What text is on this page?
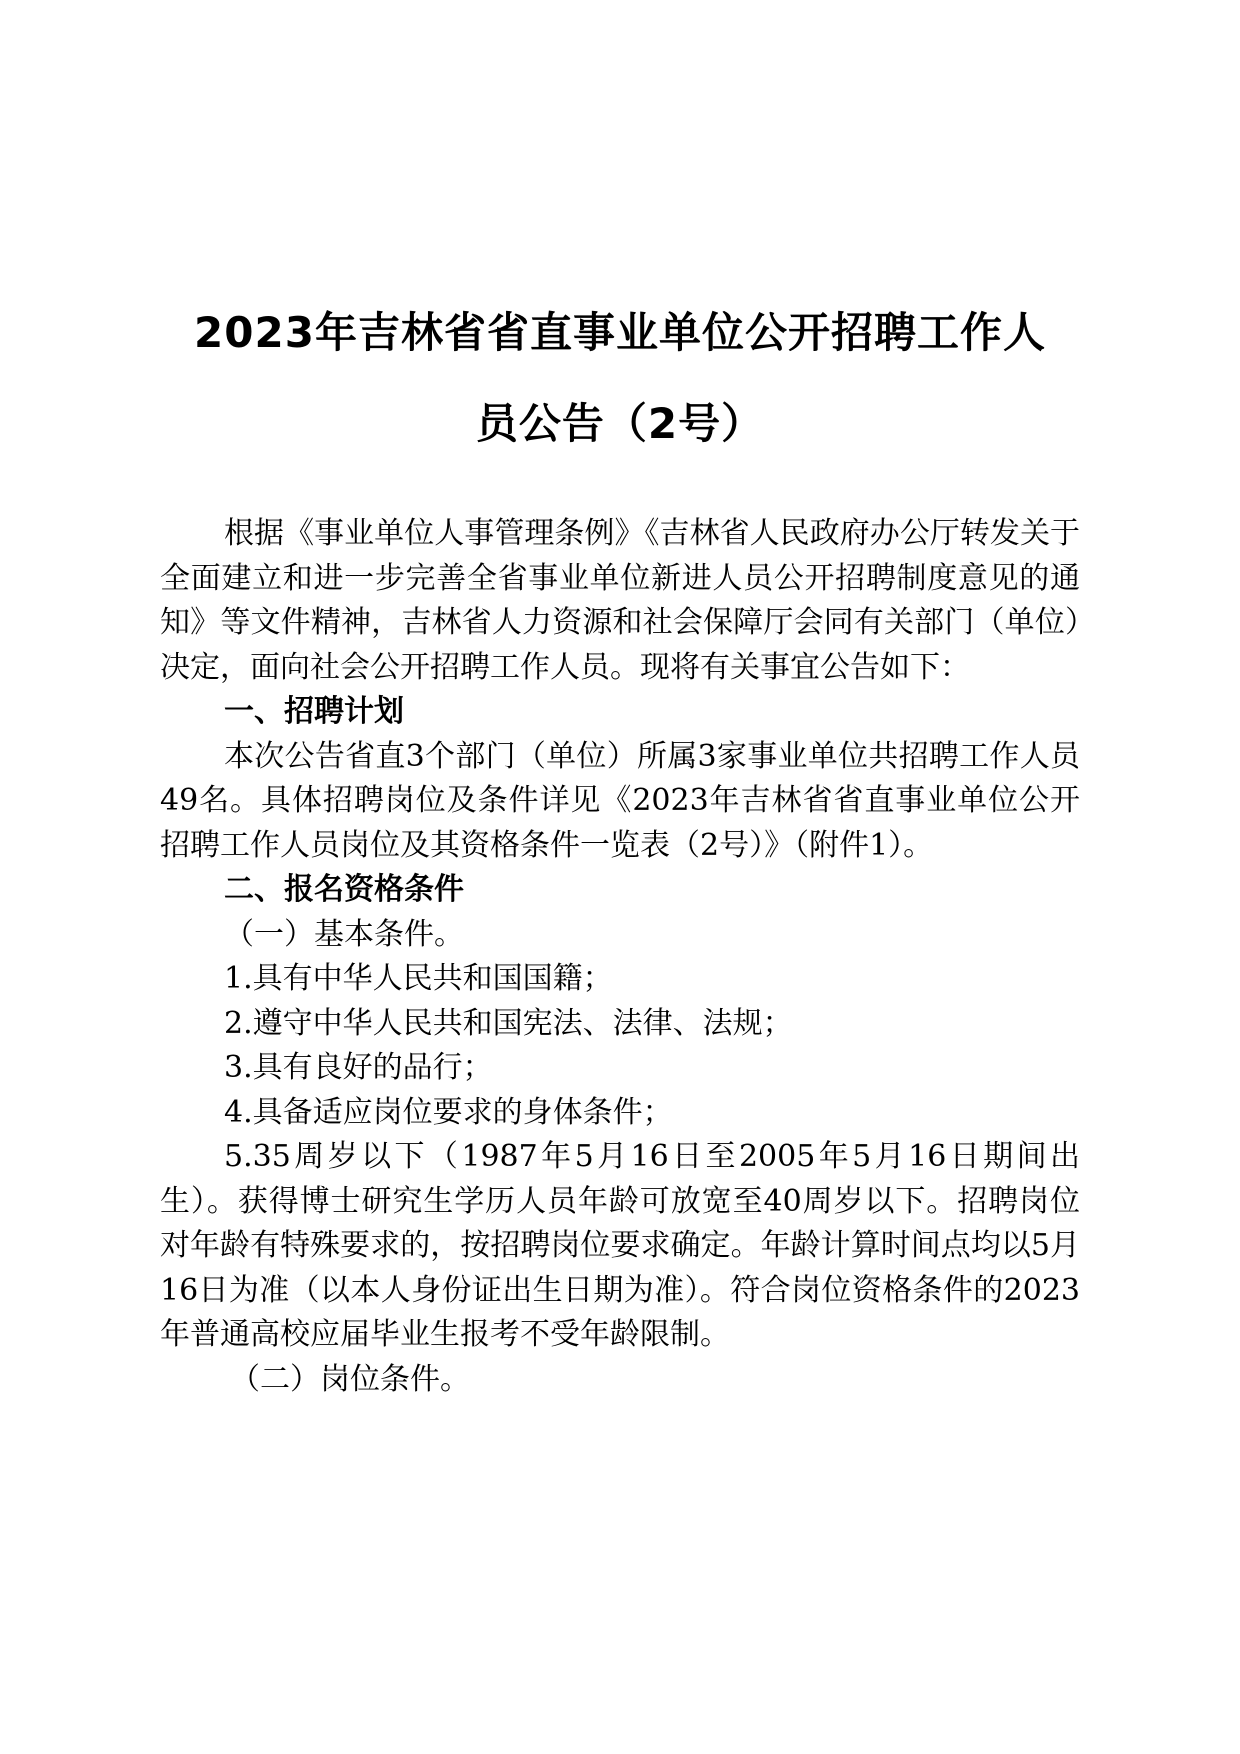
2023年吉林省省直事业单位公开招聘工作人
员公告（2号）

根据《事业单位人事管理条例》《吉林省人民政府办公厅转发关于全面建立和进一步完善全省事业单位新进人员公开招聘制度意见的通知》等文件精神，吉林省人力资源和社会保障厅会同有关部门（单位）决定，面向社会公开招聘工作人员。现将有关事宜公告如下：

一、招聘计划

本次公告省直3个部门（单位）所属3家事业单位共招聘工作人员49名。具体招聘岗位及条件详见《2023年吉林省省直事业单位公开招聘工作人员岗位及其资格条件一览表（2号）》（附件1）。

二、报名资格条件

（一）基本条件。

1.具有中华人民共和国国籍；

2.遵守中华人民共和国宪法、法律、法规；

3.具有良好的品行；

4.具备适应岗位要求的身体条件；

5.35周岁以下（1987年5月16日至2005年5月16日期间出生）。获得博士研究生学历人员年龄可放宽至40周岁以下。招聘岗位对年龄有特殊要求的，按招聘岗位要求确定。年龄计算时间点均以5月16日为准（以本人身份证出生日期为准）。符合岗位资格条件的2023年普通高校应届毕业生报考不受年龄限制。

（二）岗位条件。
